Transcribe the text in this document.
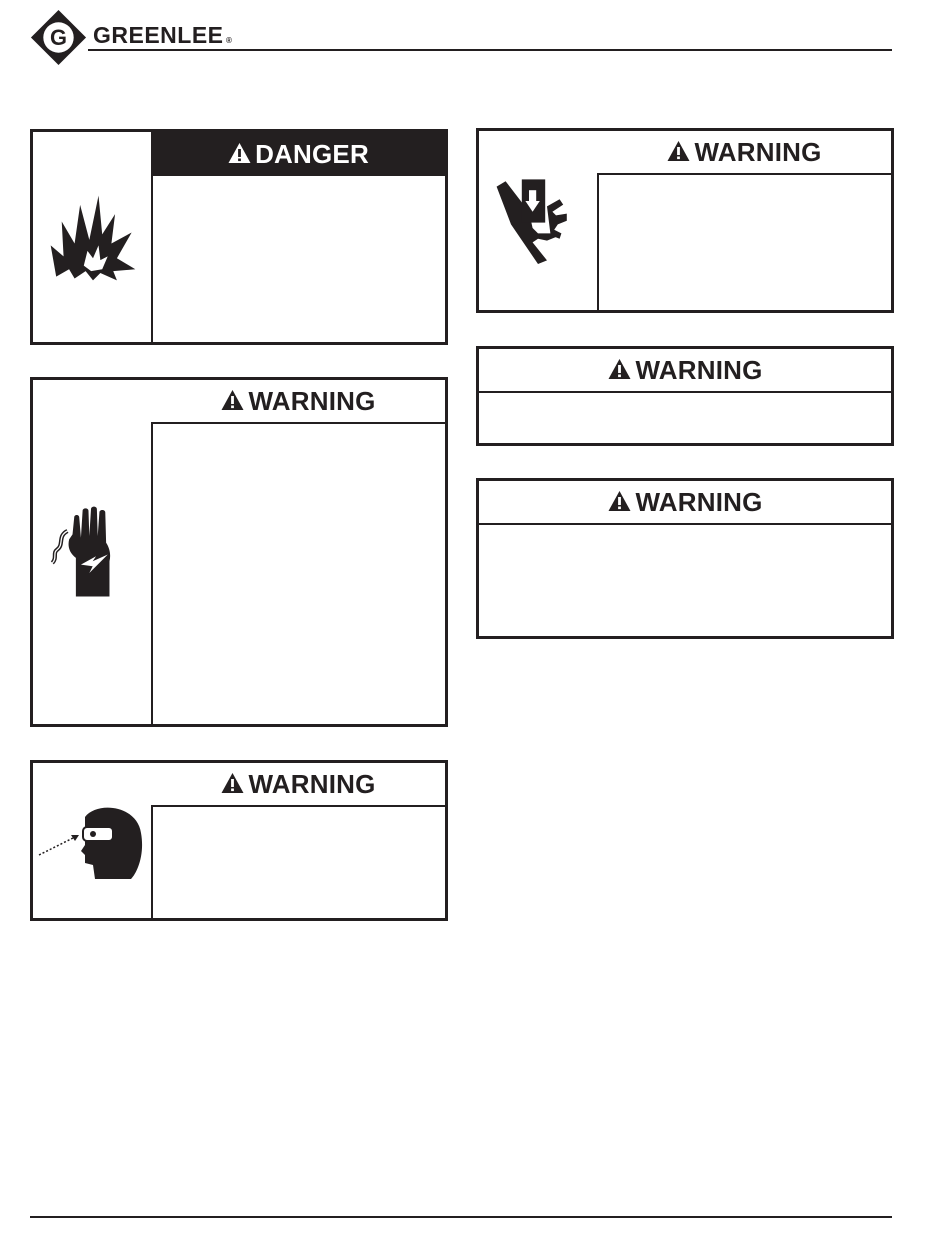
G GREENLEE ®
DANGER
WARNING
WARNING
WARNING
WARNING
WARNING
